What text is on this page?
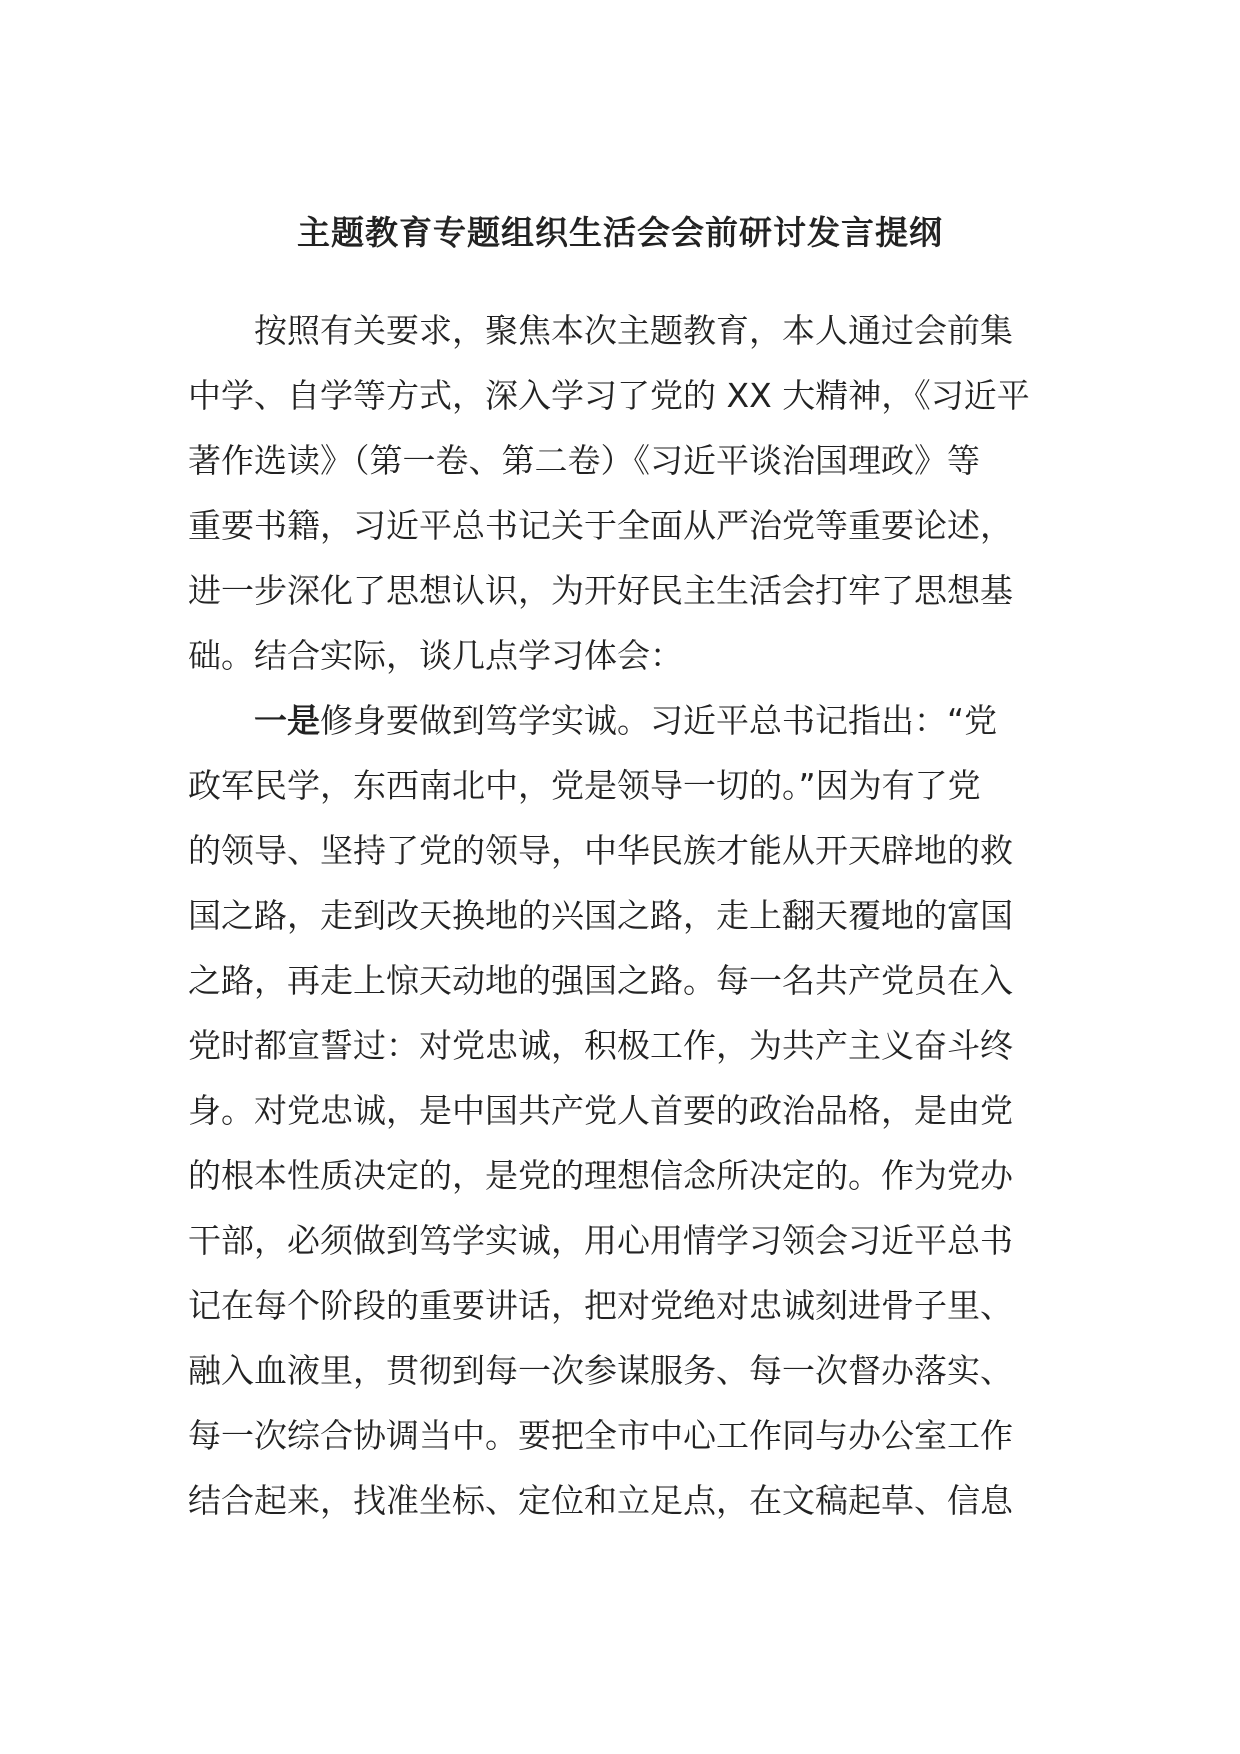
主题教育专题组织生活会会前研讨发言提纲
按照有关要求，聚焦本次主题教育，本人通过会前集
中学、自学等方式，深入学习了党的 XX 大精神，《习近平
著作选读》（第一卷、第二卷）《习近平谈治国理政》等
重要书籍，习近平总书记关于全面从严治党等重要论述，
进一步深化了思想认识，为开好民主生活会打牢了思想基
础。结合实际，谈几点学习体会：
一是修身要做到笃学实诚。习近平总书记指出：“党
政军民学，东西南北中，党是领导一切的。”因为有了党
的领导、坚持了党的领导，中华民族才能从开天辟地的救
国之路，走到改天换地的兴国之路，走上翻天覆地的富国
之路，再走上惊天动地的强国之路。每一名共产党员在入
党时都宣誓过：对党忠诚，积极工作，为共产主义奋斗终
身。对党忠诚，是中国共产党人首要的政治品格，是由党
的根本性质决定的，是党的理想信念所决定的。作为党办
干部，必须做到笃学实诚，用心用情学习领会习近平总书
记在每个阶段的重要讲话，把对党绝对忠诚刻进骨子里、
融入血液里，贯彻到每一次参谋服务、每一次督办落实、
每一次综合协调当中。要把全市中心工作同与办公室工作
结合起来，找准坐标、定位和立足点，在文稿起草、信息
